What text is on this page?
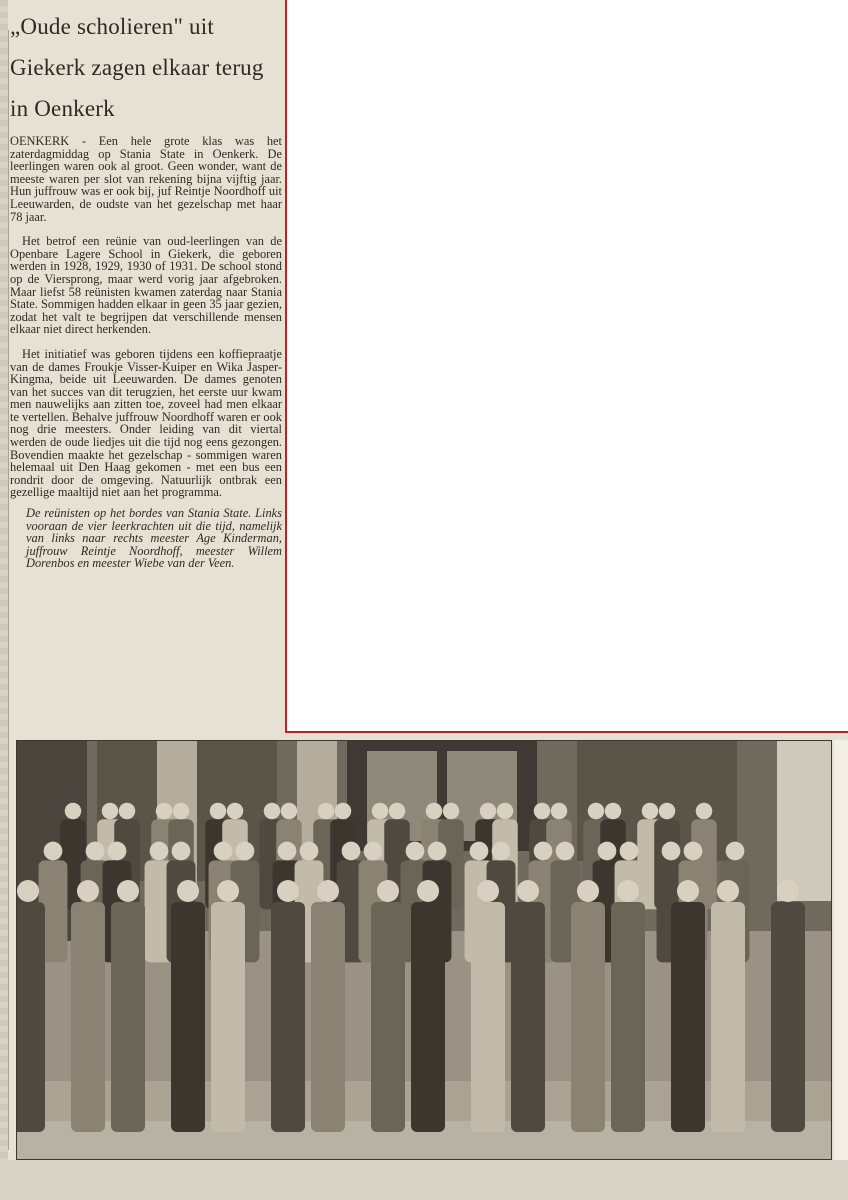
„Oude scholieren" uit Giekerk zagen elkaar terug in Oenkerk

OENKERK - Een hele grote klas was het zaterdagmiddag op Stania State in Oenkerk. De leerlingen waren ook al groot. Geen wonder, want de meeste waren per slot van rekening bijna vijftig jaar. Hun juffrouw was er ook bij, juf Reintje Noordhoff uit Leeuwarden, de oudste van het gezelschap met haar 78 jaar.

Het betrof een reünie van oud-leerlingen van de Openbare Lagere School in Giekerk, die geboren werden in 1928, 1929, 1930 of 1931. De school stond op de Viersprong, maar werd vorig jaar afgebroken. Maar liefst 58 reünisten kwamen zaterdag naar Stania State. Sommigen hadden elkaar in geen 35 jaar gezien, zodat het valt te begrijpen dat verschillende mensen elkaar niet direct herkenden.

Het initiatief was geboren tijdens een koffiepraatje van de dames Froukje Visser-Kuiper en Wika Jasper-Kingma, beide uit Leeuwarden. De dames genoten van het succes van dit terugzien, het eerste uur kwam men nauwelijks aan zitten toe, zoveel had men elkaar te vertellen. Behalve juffrouw Noordhoff waren er ook nog drie meesters. Onder leiding van dit viertal werden de oude liedjes uit die tijd nog eens gezongen. Bovendien maakte het gezelschap - sommigen waren helemaal uit Den Haag gekomen - met een bus een rondrit door de omgeving. Natuurlijk ontbrak een gezellige maaltijd niet aan het programma.

De reünisten op het bordes van Stania State. Links vooraan de vier leerkrachten uit die tijd, namelijk van links naar rechts meester Age Kinderman, juffrouw Reintje Noordhoff, meester Willem Dorenbos en meester Wiebe van der Veen.
